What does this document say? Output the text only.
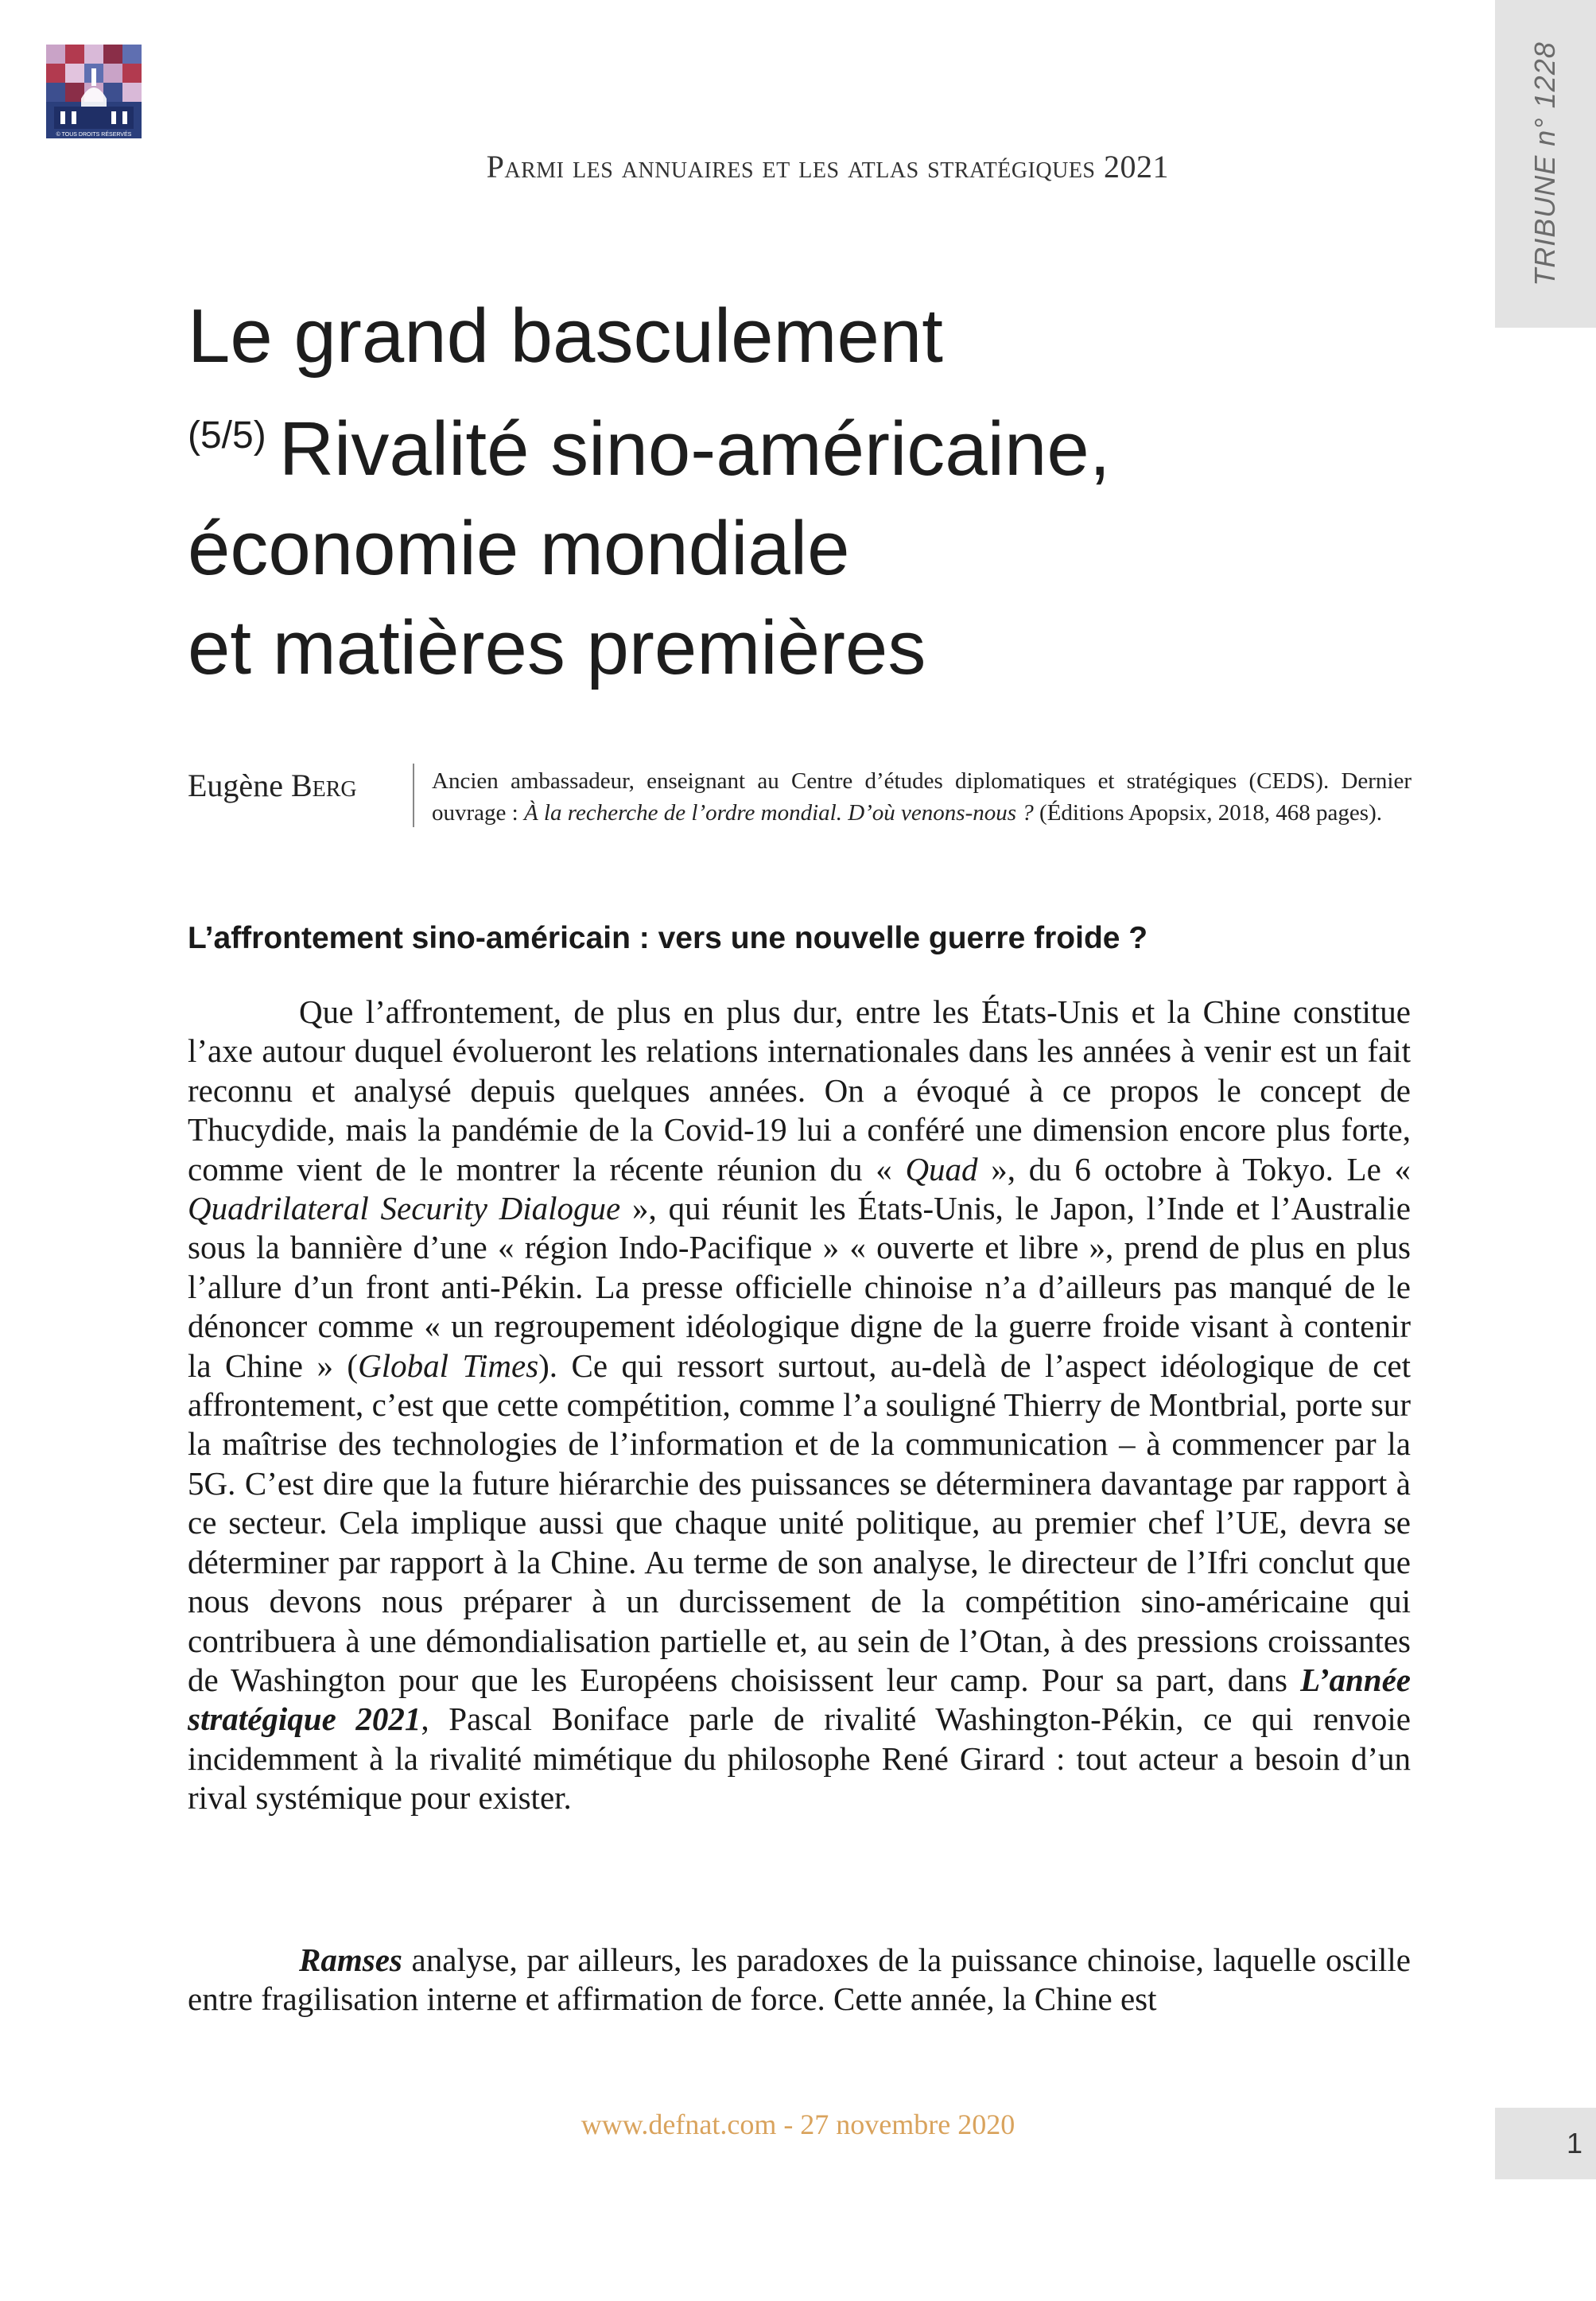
© TOUS DROITS RÉSERVÉS	TRIBUNE n° 1228
Parmi les annuaires et les atlas stratégiques 2021
Le grand basculement
$^{(5/5)}$ Rivalité sino-américaine,
économie mondiale
et matières premières
Eugène Berg	Ancien ambassadeur, enseignant au Centre d’études diplomatiques et stratégiques (CEDS). Dernier ouvrage : À la recherche de l’ordre mondial. D’où venons-nous ? (Éditions Apopsix, 2018, 468 pages).
L’affrontement sino-américain : vers une nouvelle guerre froide ?

Que l’affrontement, de plus en plus dur, entre les États-Unis et la Chine constitue l’axe autour duquel évolueront les relations internationales dans les années à venir est un fait reconnu et analysé depuis quelques années. On a évoqué à ce propos le concept de Thucydide, mais la pandémie de la Covid-19 lui a conféré une dimension encore plus forte, comme vient de le montrer la récente réunion du « Quad », du 6 octobre à Tokyo. Le « Quadrilateral Security Dialogue », qui réunit les États-Unis, le Japon, l’Inde et l’Australie sous la bannière d’une « région Indo-Pacifique » « ouverte et libre », prend de plus en plus l’allure d’un front anti-Pékin. La presse officielle chinoise n’a d’ailleurs pas manqué de le dénoncer comme « un regroupement idéologique digne de la guerre froide visant à contenir la Chine » (Global Times). Ce qui ressort surtout, au-delà de l’aspect idéologique de cet affrontement, c’est que cette compétition, comme l’a souligné Thierry de Montbrial, porte sur la maîtrise des technologies de l’information et de la communication – à commencer par la 5G. C’est dire que la future hiérarchie des puissances se déterminera davantage par rapport à ce secteur. Cela implique aussi que chaque unité politique, au premier chef l’UE, devra se déterminer par rapport à la Chine. Au terme de son analyse, le directeur de l’Ifri conclut que nous devons nous préparer à un durcissement de la compétition sino-américaine qui contribuera à une démondialisation partielle et, au sein de l’Otan, à des pressions croissantes de Washington pour que les Européens choisissent leur camp. Pour sa part, dans L’année stratégique 2021, Pascal Boniface parle de rivalité Washington-Pékin, ce qui renvoie incidemment à la rivalité mimétique du philosophe René Girard : tout acteur a besoin d’un rival systémique pour exister.

Ramses analyse, par ailleurs, les paradoxes de la puissance chinoise, laquelle oscille entre fragilisation interne et affirmation de force. Cette année, la Chine est

www.defnat.com - 27 novembre 2020
1
